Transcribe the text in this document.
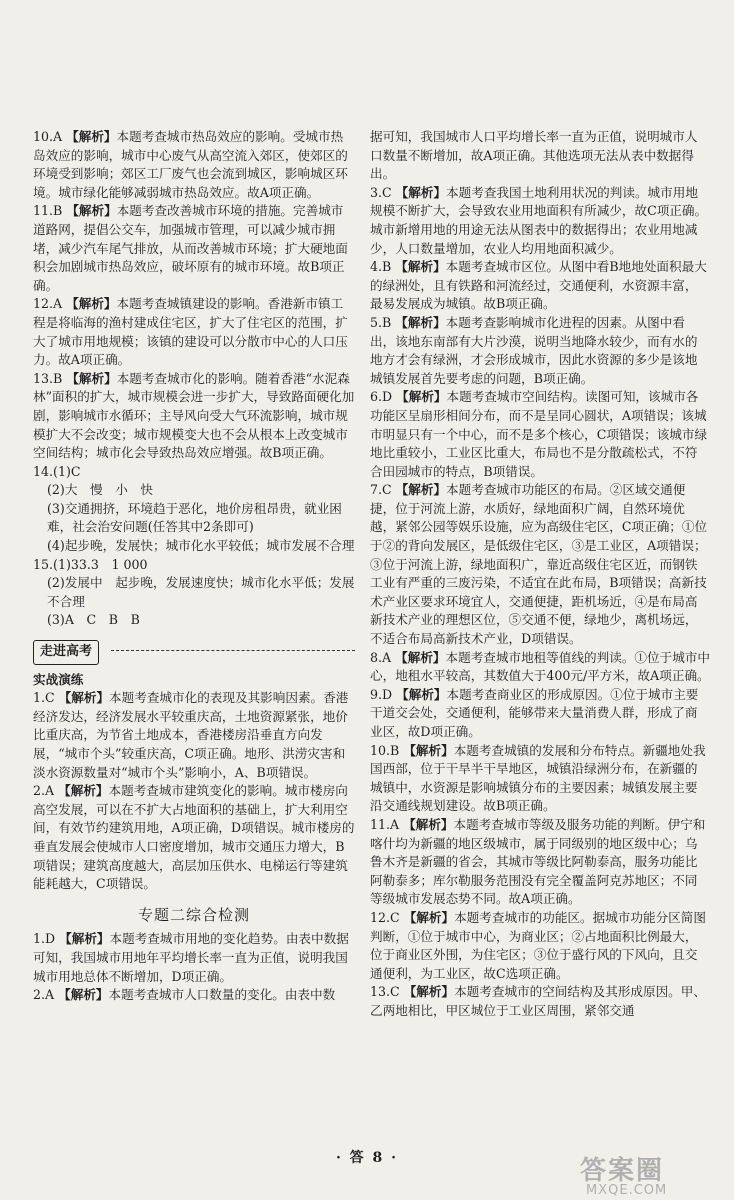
10.A 【解析】本题考查城市热岛效应的影响。受城市热岛效应的影响，城市中心废气从高空流入郊区，使郊区的环境受到影响；郊区工厂废气也会流到城区，影响城区环境。城市绿化能够减弱城市热岛效应。故A项正确。

11.B 【解析】本题考查改善城市环境的措施。完善城市道路网，提倡公交车，加强城市管理，可以减少城市拥堵，减少汽车尾气排放，从而改善城市环境；扩大硬地面积会加剧城市热岛效应，破坏原有的城市环境。故B项正确。

12.A 【解析】本题考查城镇建设的影响。香港新市镇工程是将临海的渔村建成住宅区，扩大了住宅区的范围，扩大了城市用地规模；该镇的建设可以分散市中心的人口压力。故A项正确。

13.B 【解析】本题考查城市化的影响。随着香港“水泥森林”面积的扩大，城市规模会进一步扩大，导致路面硬化加剧，影响城市水循环；主导风向受大气环流影响，城市规模扩大不会改变；城市规模变大也不会从根本上改变城市空间结构；城市化会导致热岛效应增强。故B项正确。

14.(1)C

(2)大　慢　小　快

(3)交通拥挤，环境趋于恶化，地价房租昂贵，就业困难，社会治安问题(任答其中2条即可)

(4)起步晚，发展快；城市化水平较低；城市发展不合理

15.(1)33.3　1 000

(2)发展中　起步晚，发展速度快；城市化水平低；发展不合理

(3)A　C　B　B

走进高考

实战演练

1.C 【解析】本题考查城市化的表现及其影响因素。香港经济发达，经济发展水平较重庆高，土地资源紧张，地价比重庆高，为节省土地成本，香港楼房沿垂直方向发展，“城市个头”较重庆高，C项正确。地形、洪涝灾害和淡水资源数量对“城市个头”影响小，A、B项错误。

2.A 【解析】本题考查城市建筑变化的影响。城市楼房向高空发展，可以在不扩大占地面积的基础上，扩大利用空间，有效节约建筑用地，A项正确，D项错误。城市楼房的垂直发展会使城市人口密度增加，城市交通压力增大，B项错误；建筑高度越大，高层加压供水、电梯运行等建筑能耗越大，C项错误。

专题二综合检测

1.D 【解析】本题考查城市用地的变化趋势。由表中数据可知，我国城市用地年平均增长率一直为正值，说明我国城市用地总体不断增加，D项正确。

2.A 【解析】本题考查城市人口数量的变化。由表中数

据可知，我国城市人口平均增长率一直为正值，说明城市人口数量不断增加，故A项正确。其他选项无法从表中数据得出。

3.C 【解析】本题考查我国土地利用状况的判读。城市用地规模不断扩大，会导致农业用地面积有所减少，故C项正确。城市新增用地的用途无法从图表中的数据得出；农业用地减少，人口数量增加，农业人均用地面积减少。

4.B 【解析】本题考查城市区位。从图中看B地地处面积最大的绿洲处，且有铁路和河流经过，交通便利，水资源丰富，最易发展成为城镇。故B项正确。

5.B 【解析】本题考查影响城市化进程的因素。从图中看出，该地东南部有大片沙漠，说明当地降水较少，而有水的地方才会有绿洲，才会形成城市，因此水资源的多少是该地城镇发展首先要考虑的问题，B项正确。

6.D 【解析】本题考查城市空间结构。读图可知，该城市各功能区呈扇形相间分布，而不是呈同心圆状，A项错误；该城市明显只有一个中心，而不是多个核心，C项错误；该城市绿地比重较小，工业区比重大，布局也不是分散疏松式，不符合田园城市的特点，B项错误。

7.C 【解析】本题考查城市功能区的布局。②区域交通便捷，位于河流上游，水质好，绿地面积广阔，自然环境优越，紧邻公园等娱乐设施，应为高级住宅区，C项正确；①位于②的背向发展区，是低级住宅区，③是工业区，A项错误；③位于河流上游，绿地面积广，靠近高级住宅区近，而钢铁工业有严重的三废污染，不适宜在此布局，B项错误；高新技术产业区要求环境宜人，交通便捷，距机场近，④是布局高新技术产业的理想区位，⑤交通不便，绿地少，离机场远，不适合布局高新技术产业，D项错误。

8.A 【解析】本题考查城市地租等值线的判读。①位于城市中心，地租水平较高，其数值大于400元/平方米，故A项正确。

9.D 【解析】本题考查商业区的形成原因。①位于城市主要干道交会处，交通便利，能够带来大量消费人群，形成了商业区，故D项正确。

10.B 【解析】本题考查城镇的发展和分布特点。新疆地处我国西部，位于干旱半干旱地区，城镇沿绿洲分布，在新疆的城镇中，水资源是影响城镇分布的主要因素；城镇发展主要沿交通线规划建设。故B项正确。

11.A 【解析】本题考查城市等级及服务功能的判断。伊宁和喀什均为新疆的地区级城市，属于同级别的地区级中心；乌鲁木齐是新疆的省会，其城市等级比阿勒泰高，服务功能比阿勒泰多；库尔勒服务范围没有完全覆盖阿克苏地区；不同等级城市发展态势不同。故A项正确。

12.C 【解析】本题考查城市的功能区。据城市功能分区简图判断，①位于城市中心，为商业区；②占地面积比例最大，位于商业区外围，为住宅区；③位于盛行风的下风向，且交通便利，为工业区，故C选项正确。

13.C 【解析】本题考查城市的空间结构及其形成原因。甲、乙两地相比，甲区城位于工业区周围，紧邻交通

· 答 8 ·	答案圈
MXQE.COM
